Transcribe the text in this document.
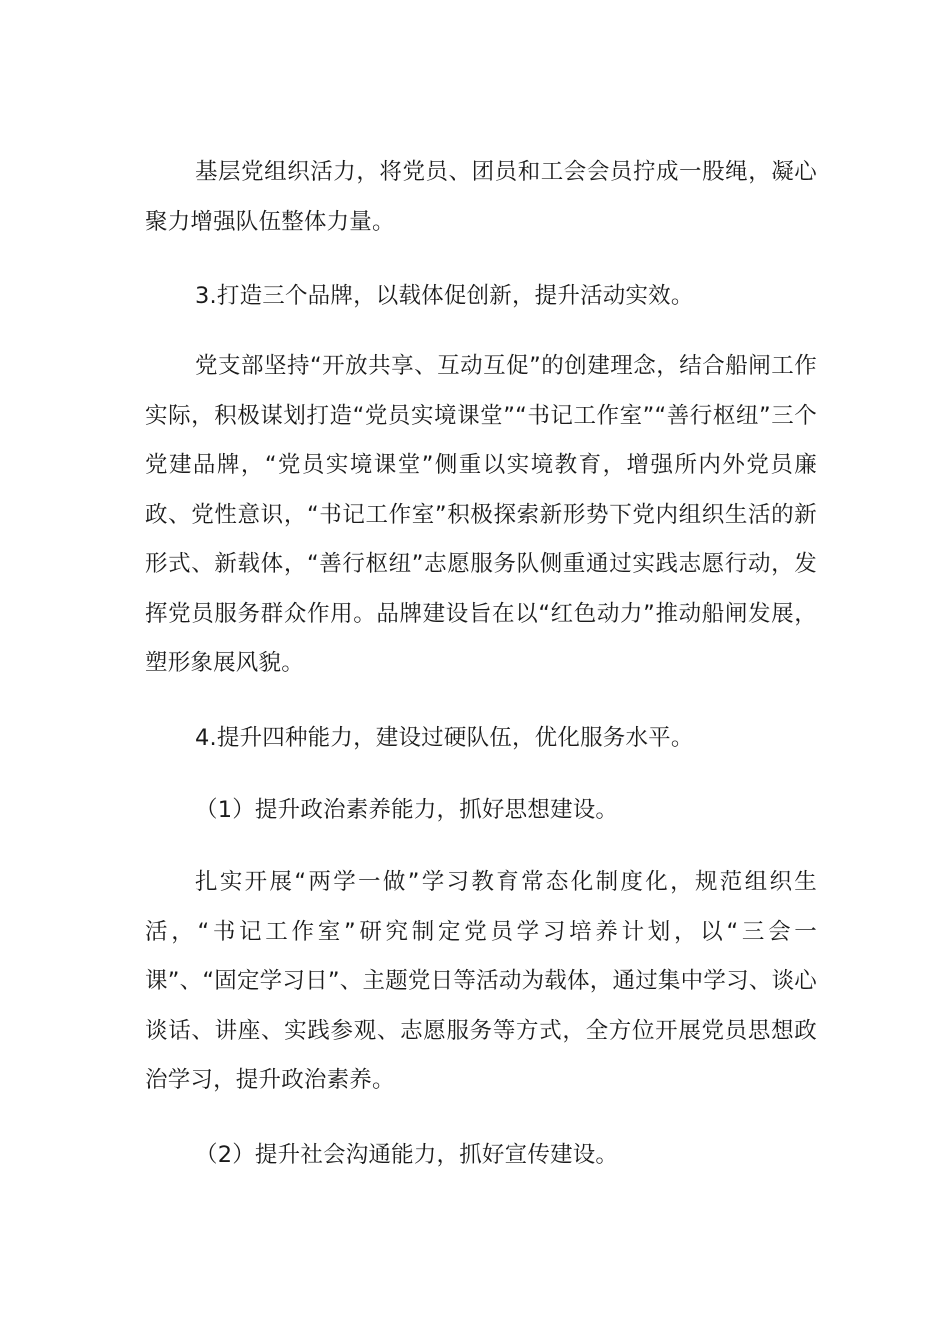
基层党组织活力，将党员、团员和工会会员拧成一股绳，凝心聚力增强队伍整体力量。

3.打造三个品牌，以载体促创新，提升活动实效。

党支部坚持“开放共享、互动互促”的创建理念，结合船闸工作实际，积极谋划打造“党员实境课堂”“书记工作室”“善行枢纽”三个党建品牌，“党员实境课堂”侧重以实境教育，增强所内外党员廉政、党性意识，“书记工作室”积极探索新形势下党内组织生活的新形式、新载体，“善行枢纽”志愿服务队侧重通过实践志愿行动，发挥党员服务群众作用。品牌建设旨在以“红色动力”推动船闸发展，塑形象展风貌。

4.提升四种能力，建设过硬队伍，优化服务水平。

（1）提升政治素养能力，抓好思想建设。

扎实开展“两学一做”学习教育常态化制度化，规范组织生活，“书记工作室”研究制定党员学习培养计划，以“三会一课”、“固定学习日”、主题党日等活动为载体，通过集中学习、谈心谈话、讲座、实践参观、志愿服务等方式，全方位开展党员思想政治学习，提升政治素养。

（2）提升社会沟通能力，抓好宣传建设。
